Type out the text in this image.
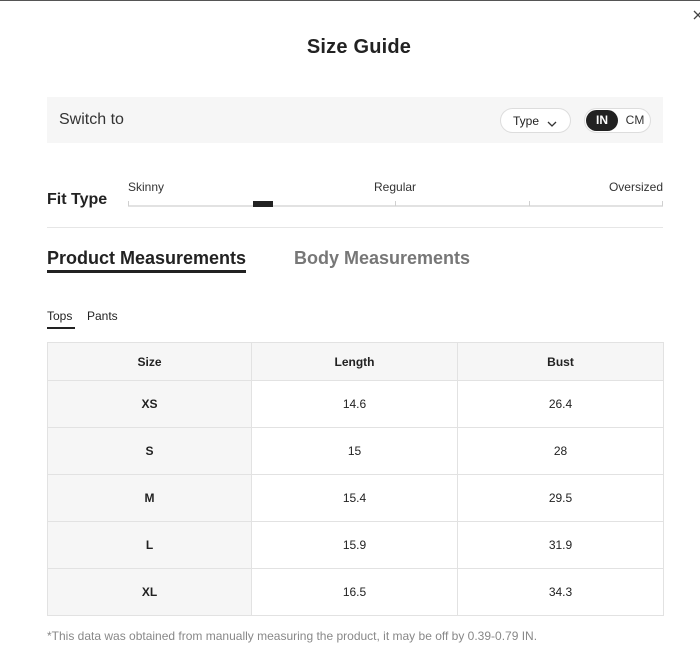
Size Guide
Switch to	Type	IN	CM
Fit Type
Skinny	Regular	Oversized
Product Measurements	Body Measurements
Tops Pants
Size	Length	Bust
XS	14.6	26.4
S	15	28
M	15.4	29.5
L	15.9	31.9
XL	16.5	34.3
*This data was obtained from manually measuring the product, it may be off by 0.39-0.79 IN.
